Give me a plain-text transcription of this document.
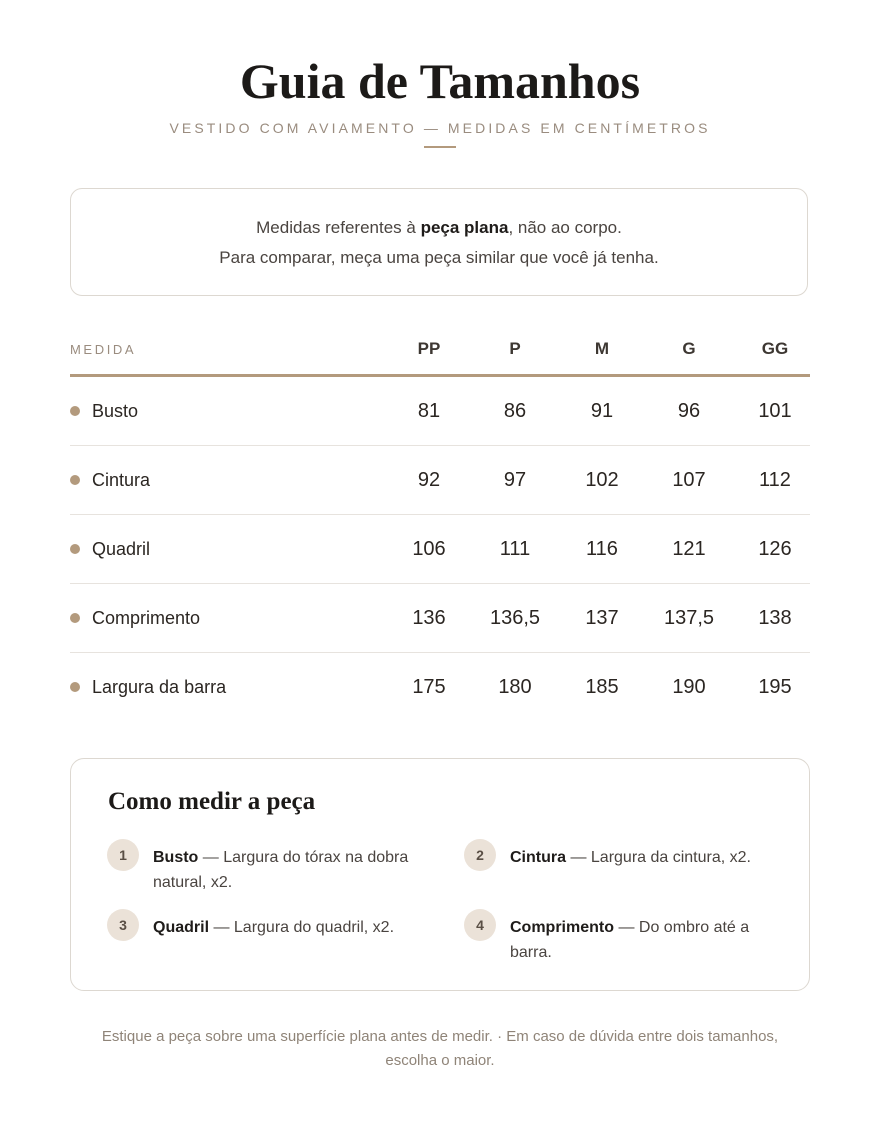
Guia de Tamanhos
VESTIDO COM AVIAMENTO — MEDIDAS EM CENTÍMETROS
Medidas referentes à peça plana, não ao corpo.
Para comparar, meça uma peça similar que você já tenha.
MEDIDA	PP	P	M	G	GG
Busto	81	86	91	96	101
Cintura	92	97	102	107	112
Quadril	106	111	116	121	126
Comprimento	136	136,5	137	137,5	138
Largura da barra	175	180	185	190	195
Como medir a peça
1	Busto — Largura do tórax na dobra natural, x2.
2	Cintura — Largura da cintura, x2.
3	Quadril — Largura do quadril, x2.	4	Comprimento — Do ombro até a barra.
Estique a peça sobre uma superfície plana antes de medir. · Em caso de dúvida entre dois tamanhos, escolha o maior.
